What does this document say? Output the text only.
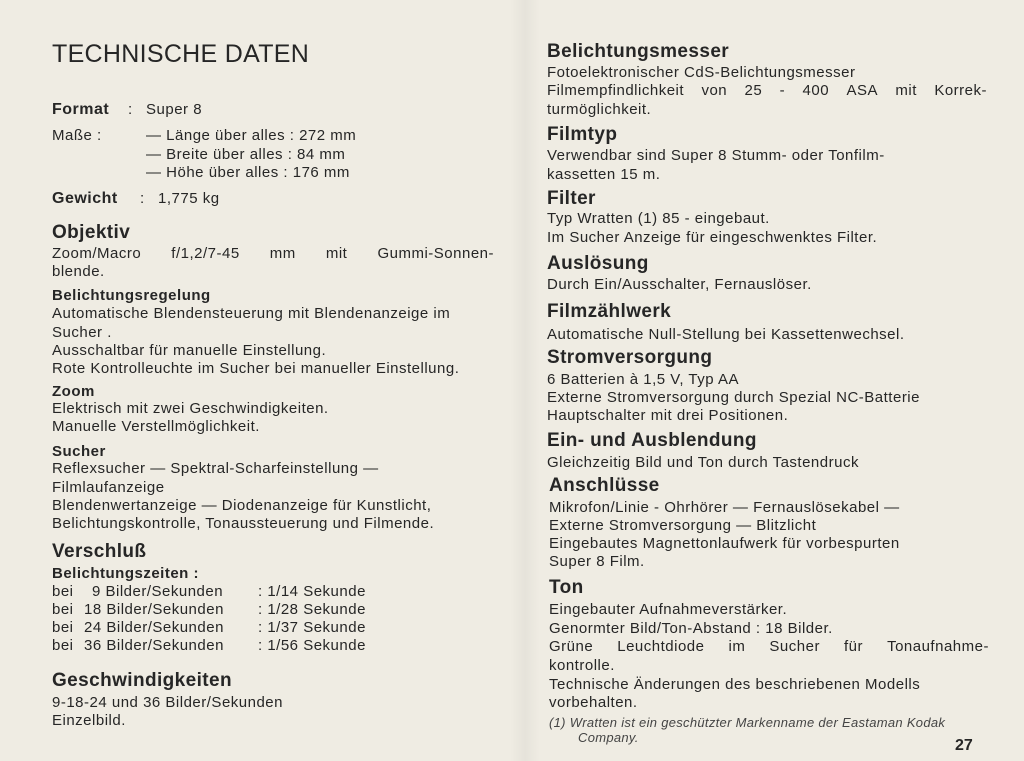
TECHNISCHE DATEN
Format : Super 8
Maße :	— Länge über alles : 272 mm
— Breite über alles : 84 mm
— Höhe über alles : 176 mm
Gewicht : 1,775 kg
Objektiv
Zoom/Macro f/1,2/7-45 mm mit Gummi-Sonnen-
blende.
Belichtungsregelung
Automatische Blendensteuerung mit Blendenanzeige im
Sucher .
Ausschaltbar für manuelle Einstellung.
Rote Kontrolleuchte im Sucher bei manueller Einstellung.
Zoom
Elektrisch mit zwei Geschwindigkeiten.
Manuelle Verstellmöglichkeit.
Sucher
Reflexsucher — Spektral-Scharfeinstellung —
Filmlaufanzeige
Blendenwertanzeige — Diodenanzeige für Kunstlicht,
Belichtungskontrolle, Tonaussteuerung und Filmende.
Verschluß
Belichtungszeiten :
bei 9 Bilder/Sekunden : 1/14 Sekunde
bei 18 Bilder/Sekunden : 1/28 Sekunde
bei 24 Bilder/Sekunden : 1/37 Sekunde
bei 36 Bilder/Sekunden : 1/56 Sekunde
Geschwindigkeiten
9-18-24 und 36 Bilder/Sekunden
Einzelbild.
Belichtungsmesser
Fotoelektronischer CdS-Belichtungsmesser
Filmempfindlichkeit von 25 - 400 ASA mit Korrek-
turmöglichkeit.
Filmtyp
Verwendbar sind Super 8 Stumm- oder Tonfilm-
kassetten 15 m.
Filter
Typ Wratten (1) 85 - eingebaut.
Im Sucher Anzeige für eingeschwenktes Filter.
Auslösung
Durch Ein/Ausschalter, Fernauslöser.
Filmzählwerk
Automatische Null-Stellung bei Kassettenwechsel.
Stromversorgung
6 Batterien à 1,5 V, Typ AA
Externe Stromversorgung durch Spezial NC-Batterie
Hauptschalter mit drei Positionen.
Ein- und Ausblendung
Gleichzeitig Bild und Ton durch Tastendruck
Anschlüsse
Mikrofon/Linie - Ohrhörer — Fernauslösekabel —
Externe Stromversorgung — Blitzlicht
Eingebautes Magnettonlaufwerk für vorbespurten
Super 8 Film.
Ton
Eingebauter Aufnahmeverstärker.
Genormter Bild/Ton-Abstand : 18 Bilder.
Grüne Leuchtdiode im Sucher für Tonaufnahme-
kontrolle.
Technische Änderungen des beschriebenen Modells
vorbehalten.
(1) Wratten ist ein geschützter Markenname der Eastaman Kodak
Company.	27
